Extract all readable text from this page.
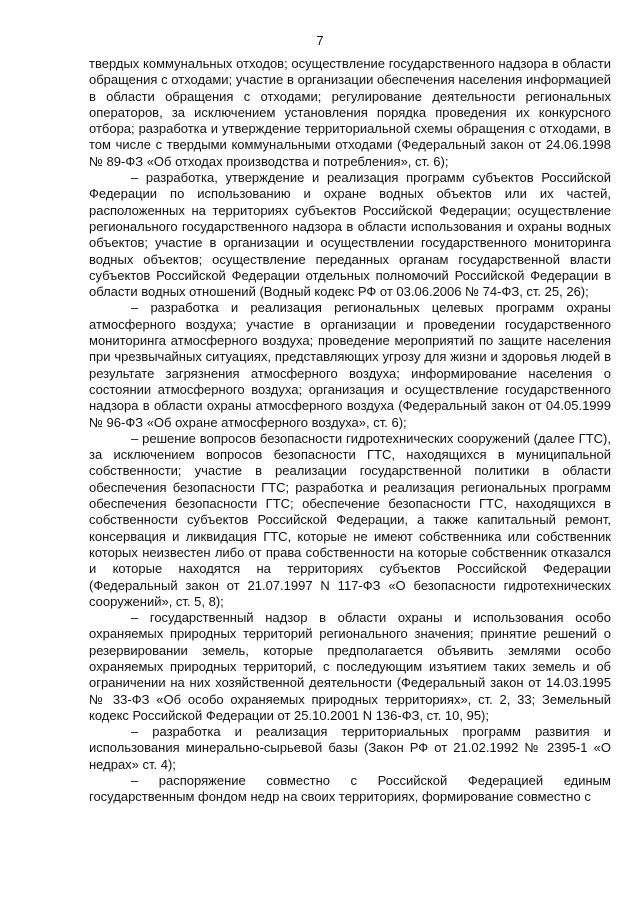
7

твердых коммунальных отходов; осуществление государственного надзора в области обращения с отходами; участие в организации обеспечения населения информацией в области обращения с отходами; регулирование деятельности региональных операторов, за исключением установления порядка проведения их конкурсного отбора; разработка и утверждение территориальной схемы обращения с отходами, в том числе с твердыми коммунальными отходами (Федеральный закон от 24.06.1998 № 89-ФЗ «Об отходах производства и потребления», ст. 6);

– разработка, утверждение и реализация программ субъектов Российской Федерации по использованию и охране водных объектов или их частей, расположенных на территориях субъектов Российской Федерации; осуществление регионального государственного надзора в области использования и охраны водных объектов; участие в организации и осуществлении государственного мониторинга водных объектов; осуществление переданных органам государственной власти субъектов Российской Федерации отдельных полномочий Российской Федерации в области водных отношений (Водный кодекс РФ от 03.06.2006 № 74-ФЗ, ст. 25, 26);

– разработка и реализация региональных целевых программ охраны атмосферного воздуха; участие в организации и проведении государственного мониторинга атмосферного воздуха; проведение мероприятий по защите населения при чрезвычайных ситуациях, представляющих угрозу для жизни и здоровья людей в результате загрязнения атмосферного воздуха; информирование населения о состоянии атмосферного воздуха; организация и осуществление государственного надзора в области охраны атмосферного воздуха (Федеральный закон от 04.05.1999 № 96-ФЗ «Об охране атмосферного воздуха», ст. 6);

– решение вопросов безопасности гидротехнических сооружений (далее ГТС), за исключением вопросов безопасности ГТС, находящихся в муниципальной собственности; участие в реализации государственной политики в области обеспечения безопасности ГТС; разработка и реализация региональных программ обеспечения безопасности ГТС; обеспечение безопасности ГТС, находящихся в собственности субъектов Российской Федерации, а также капитальный ремонт, консервация и ликвидация ГТС, которые не имеют собственника или собственник которых неизвестен либо от права собственности на которые собственник отказался и которые находятся на территориях субъектов Российской Федерации (Федеральный закон от 21.07.1997 N 117-ФЗ «О безопасности гидротехнических сооружений», ст. 5, 8);

– государственный надзор в области охраны и использования особо охраняемых природных территорий регионального значения; принятие решений о резервировании земель, которые предполагается объявить землями особо охраняемых природных территорий, с последующим изъятием таких земель и об ограничении на них хозяйственной деятельности (Федеральный закон от 14.03.1995 № 33-ФЗ «Об особо охраняемых природных территориях», ст. 2, 33; Земельный кодекс Российской Федерации от 25.10.2001 N 136-ФЗ, ст. 10, 95);

– разработка и реализация территориальных программ развития и использования минерально-сырьевой базы (Закон РФ от 21.02.1992 № 2395-1 «О недрах» ст. 4);

– распоряжение совместно с Российской Федерацией единым государственным фондом недр на своих территориях, формирование совместно с
